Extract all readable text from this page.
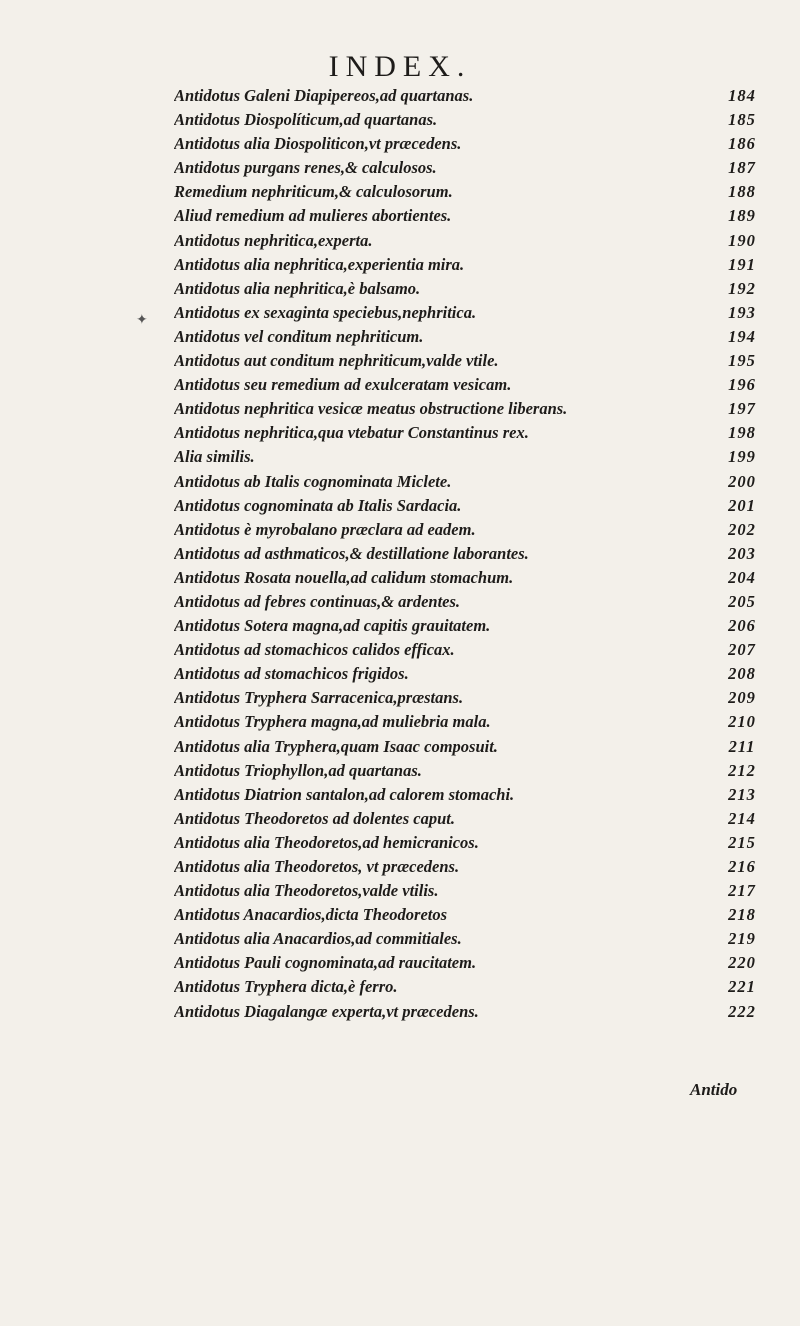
INDEX.
Antidotus Galeni Diapipereos,ad quartanas.	184
Antidotus Diospolíticum,ad quartanas.	185
Antidotus alia Diospoliticon,vt præcedens.	186
Antidotus purgans renes,& calculosos.	187
Remedium nephriticum,& calculosorum.	188
Aliud remedium ad mulieres abortientes.	189
Antidotus nephritica,experta.	190
Antidotus alia nephritica,experientia mira.	191
Antidotus alia nephritica,è balsamo.	192
Antidotus ex sexaginta speciebus,nephritica.	193
Antidotus vel conditum nephriticum.	194
Antidotus aut conditum nephriticum,valde vtile.	195
Antidotus seu remedium ad exulceratam vesicam.	196
Antidotus nephritica vesicæ meatus obstructione liberans.	197
Antidotus nephritica,qua vtebatur Constantinus rex.	198
Alia similis.	199
Antidotus ab Italis cognominata Miclete.	200
Antidotus cognominata ab Italis Sardacia.	201
Antidotus è myrobalano præclara ad eadem.	202
Antidotus ad asthmaticos,& destillatione laborantes.	203
Antidotus Rosata nouella,ad calidum stomachum.	204
Antidotus ad febres continuas,& ardentes.	205
Antidotus Sotera magna,ad capitis grauitatem.	206
Antidotus ad stomachicos calidos efficax.	207
Antidotus ad stomachicos frigidos.	208
Antidotus Tryphera Sarracenica,præstans.	209
Antidotus Tryphera magna,ad muliebria mala.	210
Antidotus alia Tryphera,quam Isaac composuit.	211
Antidotus Triophyllon,ad quartanas.	212
Antidotus Diatrion santalon,ad calorem stomachi.	213
Antidotus Theodoretos ad dolentes caput.	214
Antidotus alia Theodoretos,ad hemicranicos.	215
Antidotus alia Theodoretos, vt præcedens.	216
Antidotus alia Theodoretos,valde vtilis.	217
Antidotus Anacardios,dicta Theodoretos	218
Antidotus alia Anacardios,ad commitiales.	219
Antidotus Pauli cognominata,ad raucitatem.	220
Antidotus Tryphera dicta,è ferro.	221
Antidotus Diagalangæ experta,vt præcedens.	222
✦
Antido
